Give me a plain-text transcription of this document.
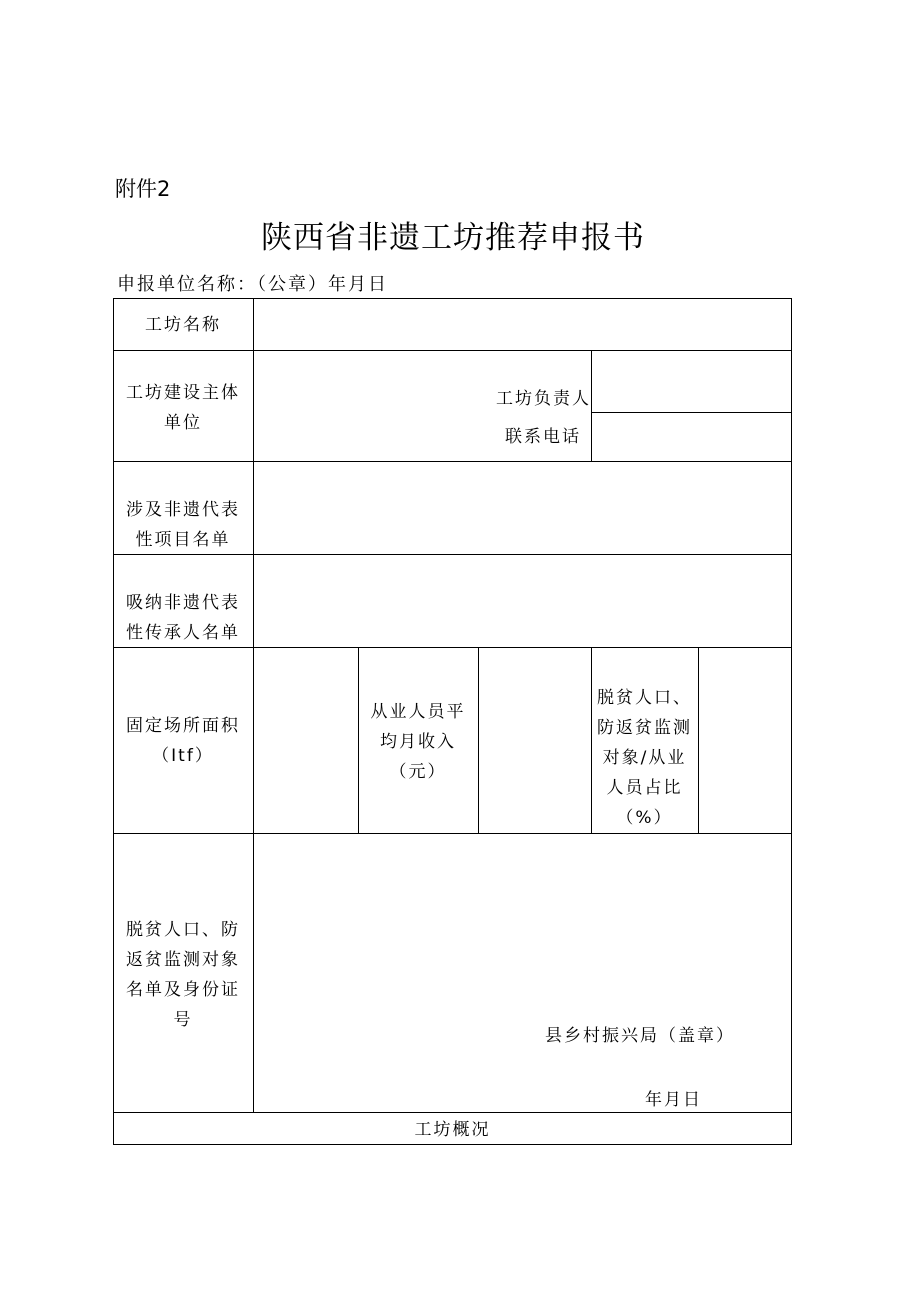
附件2
陕西省非遗工坊推荐申报书
申报单位名称：（公章）年月日
工坊名称
工坊建设主体
单位
工坊负责人
联系电话
涉及非遗代表
性项目名单
吸纳非遗代表
性传承人名单
固定场所面积
（Itf）
从业人员平
均月收入
（元）
脱贫人口、
防返贫监测
对象/从业
人员占比
（%）
脱贫人口、防
返贫监测对象
名单及身份证
号
县乡村振兴局（盖章）
年月日
工坊概况
